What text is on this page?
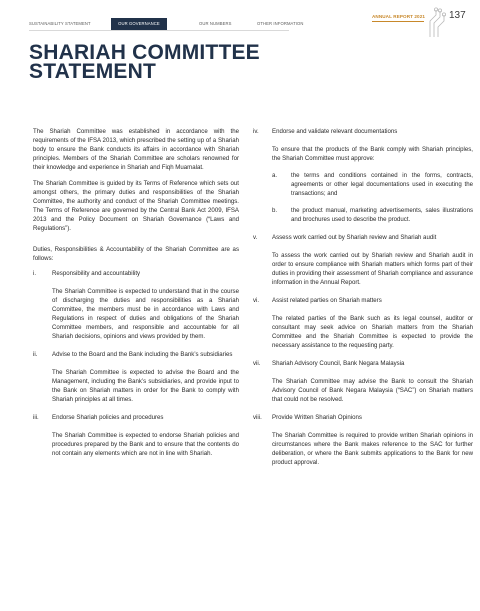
SUSTAINABILITY STATEMENT	OUR GOVERNANCE	OUR NUMBERS	OTHER INFORMATION
ANNUAL REPORT 2021 137
SHARIAH COMMITTEE
STATEMENT

The Shariah Committee was established in accordance with the requirements of the IFSA 2013, which prescribed the setting up of a Shariah body to ensure the Bank conducts its affairs in accordance with Shariah principles. Members of the Shariah Committee are scholars renowned for their knowledge and experience in Shariah and Fiqh Muamalat.

The Shariah Committee is guided by its Terms of Reference which sets out amongst others, the primary duties and responsibilities of the Shariah Committee, the authority and conduct of the Shariah Committee meetings. The Terms of Reference are governed by the Central Bank Act 2009, IFSA 2013 and the Policy Document on Shariah Governance (“Laws and Regulations”).

Duties, Responsibilities & Accountability of the Shariah Committee are as follows:

i.	Responsibility and accountability

The Shariah Committee is expected to understand that in the course of discharging the duties and responsibilities as a Shariah Committee, the members must be in accordance with Laws and Regulations in respect of duties and obligations of the Shariah Committee members, and responsible and accountable for all Shariah decisions, opinions and views provided by them.

ii. Advise to the Board and the Bank including the Bank’s subsidiaries

The Shariah Committee is expected to advise the Board and the Management, including the Bank’s subsidiaries, and provide input to the Bank on Shariah matters in order for the Bank to comply with Shariah principles at all times.

iii. Endorse Shariah policies and procedures

The Shariah Committee is expected to endorse Shariah policies and procedures prepared by the Bank and to ensure that the contents do not contain any elements which are not in line with Shariah.

iv. Endorse and validate relevant documentations

To ensure that the products of the Bank comply with Shariah principles, the Shariah Committee must approve:

a. the terms and conditions contained in the forms, contracts, agreements or other legal documentations used in executing the transactions; and
b. the product manual, marketing advertisements, sales illustrations and brochures used to describe the product.
v. Assess work carried out by Shariah review and Shariah audit

To assess the work carried out by Shariah review and Shariah audit in order to ensure compliance with Shariah matters which forms part of their duties in providing their assessment of Shariah compliance and assurance information in the Annual Report.

vi. Assist related parties on Shariah matters

The related parties of the Bank such as its legal counsel, auditor or consultant may seek advice on Shariah matters from the Shariah Committee and the Shariah Committee is expected to provide the necessary assistance to the requesting party.

vii. Shariah Advisory Council, Bank Negara Malaysia

The Shariah Committee may advise the Bank to consult the Shariah Advisory Council of Bank Negara Malaysia (“SAC”) on Shariah matters that could not be resolved.

viii. Provide Written Shariah Opinions

The Shariah Committee is required to provide written Shariah opinions in circumstances where the Bank makes reference to the SAC for further deliberation, or where the Bank submits applications to the Bank for new product approval.
